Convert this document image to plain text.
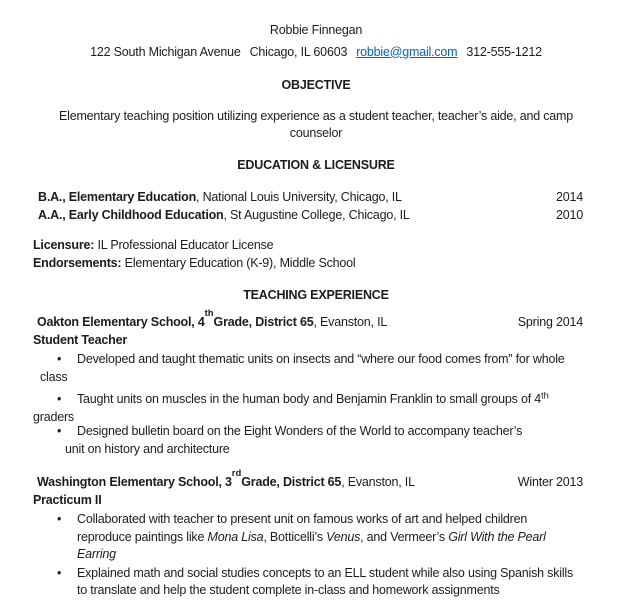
Robbie Finnegan
122 South Michigan Avenue Chicago, IL 60603 robbie@gmail.com 312-555-1212
OBJECTIVE
Elementary teaching position utilizing experience as a student teacher, teacher’s aide, and camp
counselor
EDUCATION & LICENSURE
B.A., Elementary Education , National Louis University, Chicago, IL	2014
A.A., Early Childhood Education , St Augustine College, Chicago, IL	2010
Licensure: IL Professional Educator License
Endorsements: Elementary Education (K-9), Middle School
TEACHING EXPERIENCE
Oakton Elementary School, 4
th
Grade, District 65 , Evanston, IL	Spring 2014
Student Teacher
• Developed and taught thematic units on insects and “where our food comes from” for whole
class
• Taught units on muscles in the human body and Benjamin Franklin to small groups of 4th
graders
• Designed bulletin board on the Eight Wonders of the World to accompany teacher’s
unit on history and architecture
Washington Elementary School, 3
rd
Grade, District 65 , Evanston, IL	Winter 2013
Practicum II
• Collaborated with teacher to present unit on famous works of art and helped children
reproduce paintings like Mona Lisa, Botticelli’s Venus, and Vermeer’s Girl With the Pearl
Earring
• Explained math and social studies concepts to an ELL student while also using Spanish skills
to translate and help the student complete in-class and homework assignments
